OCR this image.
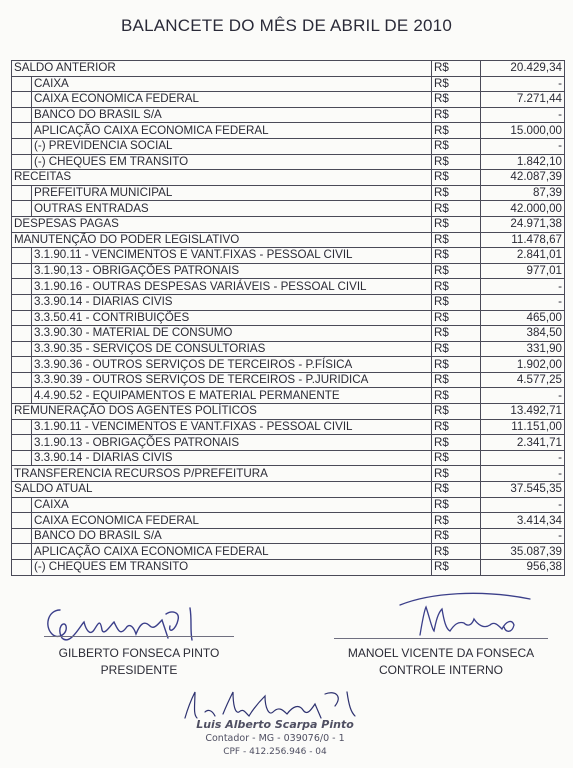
BALANCETE DO MÊS DE ABRIL DE 2010
SALDO ANTERIOR		R$	20.429,34
	CAIXA	R$	-
	CAIXA ECONOMICA FEDERAL	R$	7.271,44
	BANCO DO BRASIL S/A	R$	-
	APLICAÇÃO CAIXA ECONOMICA FEDERAL	R$	15.000,00
	(-) PREVIDENCIA SOCIAL	R$	-
	(-) CHEQUES EM TRANSITO	R$	1.842,10
RECEITAS		R$	42.087,39
	PREFEITURA MUNICIPAL	R$	87,39
	OUTRAS ENTRADAS	R$	42.000,00
DESPESAS PAGAS		R$	24.971,38
MANUTENÇÃO DO PODER LEGISLATIVO		R$	11.478,67
	3.1.90.11 - VENCIMENTOS E VANT.FIXAS - PESSOAL CIVIL	R$	2.841,01
	3.1.90,13 - OBRIGAÇÕES PATRONAIS	R$	977,01
	3.1.90.16 - OUTRAS DESPESAS VARIÁVEIS - PESSOAL CIVIL	R$	-
	3.3.90.14 - DIARIAS CIVIS	R$	-
	3.3.50.41 - CONTRIBUIÇÕES	R$	465,00
	3.3.90.30 - MATERIAL DE CONSUMO	R$	384,50
	3.3.90.35 - SERVIÇOS DE CONSULTORIAS	R$	331,90
	3.3.90.36 - OUTROS SERVIÇOS DE TERCEIROS - P.FÍSICA	R$	1.902,00
	3.3.90.39 - OUTROS SERVIÇOS DE TERCEIROS - P.JURIDICA	R$	4.577,25
	4.4.90.52 - EQUIPAMENTOS E MATERIAL PERMANENTE	R$	-
REMUNERAÇÃO DOS AGENTES POLÍTICOS		R$	13.492,71
	3.1.90.11 - VENCIMENTOS E VANT.FIXAS - PESSOAL CIVIL	R$	11.151,00
	3.1.90.13 - OBRIGAÇÕES PATRONAIS	R$	2.341,71
	3.3.90.14 - DIARIAS CIVIS	R$	-
TRANSFERENCIA RECURSOS P/PREFEITURA		R$	-
SALDO ATUAL		R$	37.545,35
	CAIXA	R$	-
	CAIXA ECONOMICA FEDERAL	R$	3.414,34
	BANCO DO BRASIL S/A	R$	-
	APLICAÇÃO CAIXA ECONOMICA FEDERAL	R$	35.087,39
	(-) CHEQUES EM TRANSITO	R$	956,38
GILBERTO FONSECA PINTO
PRESIDENTE
MANOEL VICENTE DA FONSECA
CONTROLE INTERNO
Luis Alberto Scarpa Pinto
Contador - MG - 039076/0 - 1
CPF - 412.256.946 - 04
